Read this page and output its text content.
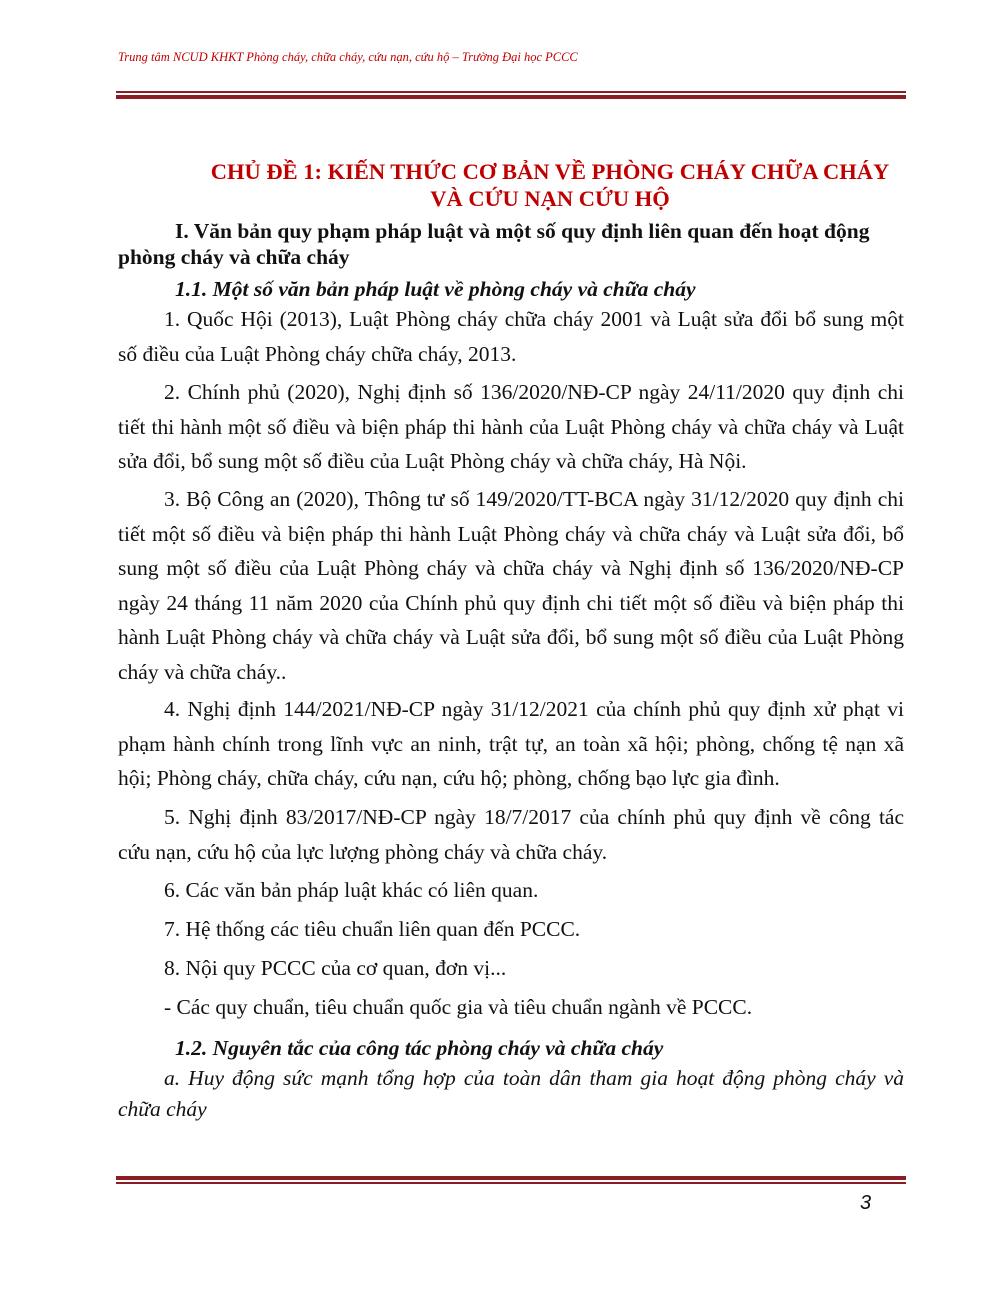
Trung tâm NCUD KHKT Phòng cháy, chữa cháy, cứu nạn, cứu hộ – Trường Đại học PCCC
CHỦ ĐỀ 1: KIẾN THỨC CƠ BẢN VỀ PHÒNG CHÁY CHỮA CHÁY
VÀ CỨU NẠN CỨU HỘ
I. Văn bản quy phạm pháp luật và một số quy định liên quan đến hoạt động phòng cháy và chữa cháy
1.1. Một số văn bản pháp luật về phòng cháy và chữa cháy
1. Quốc Hội (2013), Luật Phòng cháy chữa cháy 2001 và Luật sửa đổi bổ sung một số điều của Luật Phòng cháy chữa cháy, 2013.
2. Chính phủ (2020), Nghị định số 136/2020/NĐ-CP ngày 24/11/2020 quy định chi tiết thi hành một số điều và biện pháp thi hành của Luật Phòng cháy và chữa cháy và Luật sửa đổi, bổ sung một số điều của Luật Phòng cháy và chữa cháy, Hà Nội.
3. Bộ Công an (2020), Thông tư số 149/2020/TT-BCA ngày 31/12/2020 quy định chi tiết một số điều và biện pháp thi hành Luật Phòng cháy và chữa cháy và Luật sửa đổi, bổ sung một số điều của Luật Phòng cháy và chữa cháy và Nghị định số 136/2020/NĐ-CP ngày 24 tháng 11 năm 2020 của Chính phủ quy định chi tiết một số điều và biện pháp thi hành Luật Phòng cháy và chữa cháy và Luật sửa đổi, bổ sung một số điều của Luật Phòng cháy và chữa cháy..
4. Nghị định 144/2021/NĐ-CP ngày 31/12/2021 của chính phủ quy định xử phạt vi phạm hành chính trong lĩnh vực an ninh, trật tự, an toàn xã hội; phòng, chống tệ nạn xã hội; Phòng cháy, chữa cháy, cứu nạn, cứu hộ; phòng, chống bạo lực gia đình.
5. Nghị định 83/2017/NĐ-CP ngày 18/7/2017 của chính phủ quy định về công tác cứu nạn, cứu hộ của lực lượng phòng cháy và chữa cháy.
6. Các văn bản pháp luật khác có liên quan.
7. Hệ thống các tiêu chuẩn liên quan đến PCCC.
8. Nội quy PCCC của cơ quan, đơn vị...
- Các quy chuẩn, tiêu chuẩn quốc gia và tiêu chuẩn ngành về PCCC.
1.2. Nguyên tắc của công tác phòng cháy và chữa cháy
a. Huy động sức mạnh tổng hợp của toàn dân tham gia hoạt động phòng cháy và chữa cháy
3
